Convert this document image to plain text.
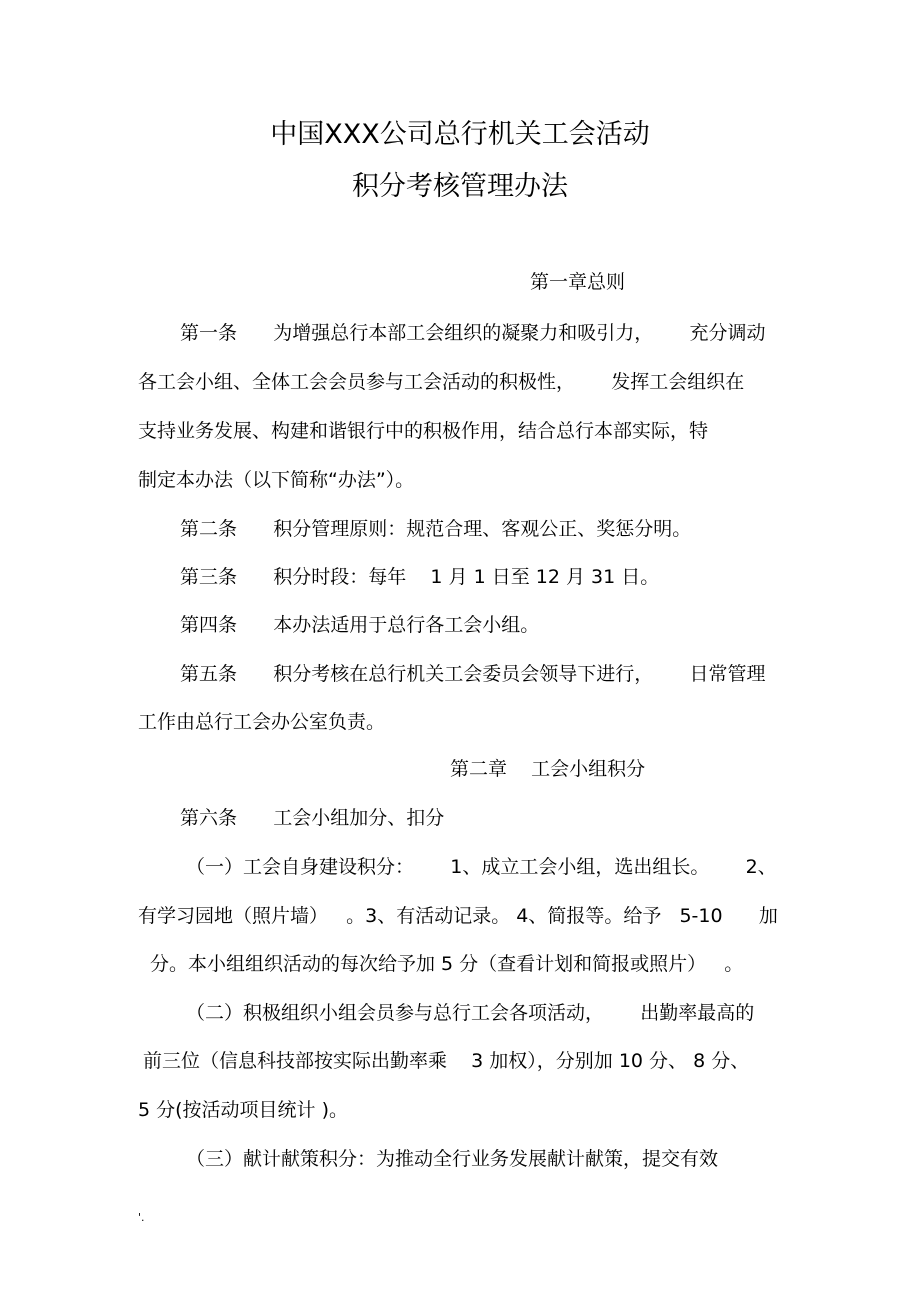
中国XXX公司总行机关工会活动
积分考核管理办法
第一章总则
第一条      为增强总行本部工会组织的凝聚力和吸引力，      充分调动
各工会小组、全体工会会员参与工会活动的积极性，      发挥工会组织在
支持业务发展、构建和谐银行中的积极作用，结合总行本部实际，特
制定本办法（以下简称“办法”）。
第二条      积分管理原则：规范合理、客观公正、奖惩分明。
第三条      积分时段：每年    1 月 1 日至 12 月 31 日。
第四条      本办法适用于总行各工会小组。
第五条      积分考核在总行机关工会委员会领导下进行，      日常管理
工作由总行工会办公室负责。
第二章    工会小组积分
第六条      工会小组加分、扣分
（一）工会自身建设积分：      1、成立工会小组，选出组长。      2、
有学习园地（照片墙）   。3、有活动记录。 4、简报等。给予   5-10      加
分。本小组组织活动的每次给予加 5 分（查看计划和简报或照片）   。
（二）积极组织小组会员参与总行工会各项活动，      出勤率最高的
前三位（信息科技部按实际出勤率乘    3 加权），分别加 10 分、 8 分、
5 分(按活动项目统计 )。
（三）献计献策积分：为推动全行业务发展献计献策，提交有效
'.
